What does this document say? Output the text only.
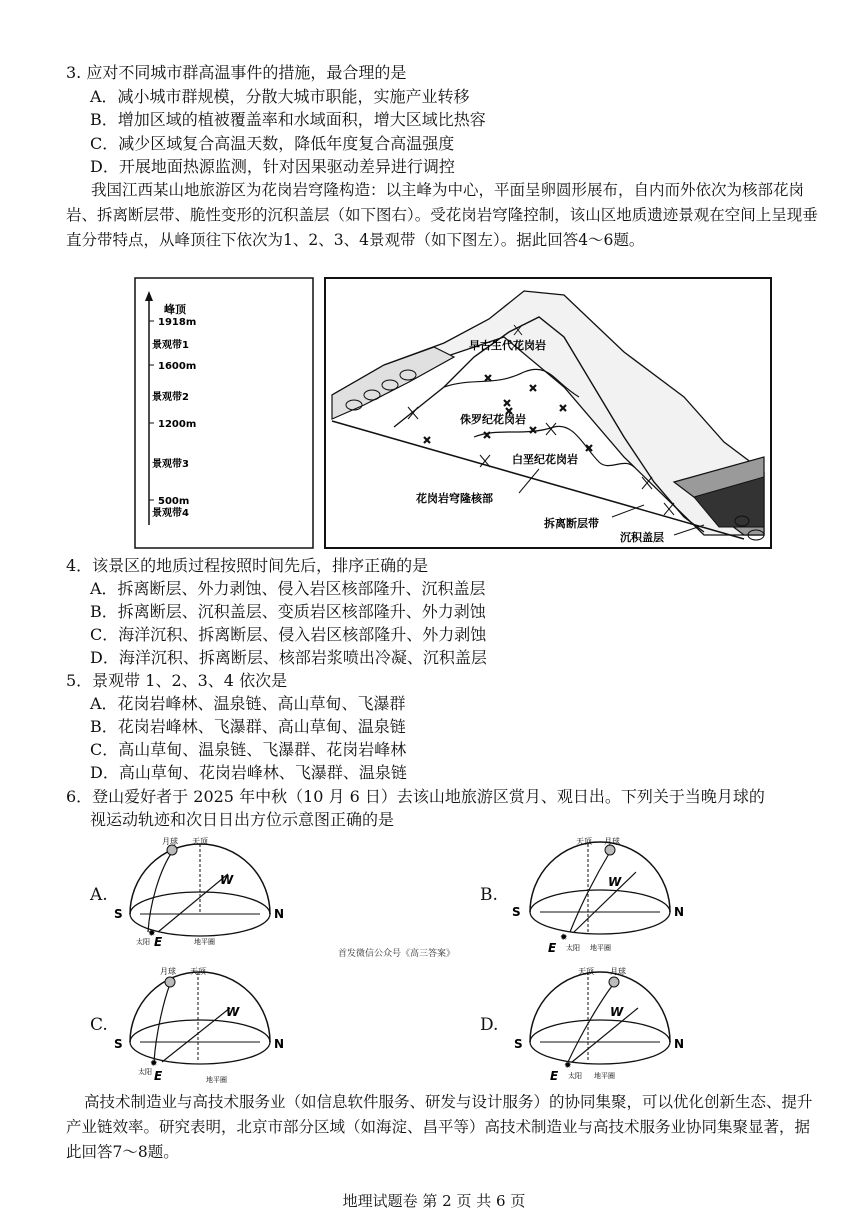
3. 应对不同城市群高温事件的措施，最合理的是
A．减小城市群规模，分散大城市职能，实施产业转移
B．增加区域的植被覆盖率和水域面积，增大区域比热容
C．减少区域复合高温天数，降低年度复合高温强度
D．开展地面热源监测，针对因果驱动差异进行调控
我国江西某山地旅游区为花岗岩穹隆构造：以主峰为中心，平面呈卵圆形展布，自内而外依次为核部花岗岩、拆离断层带、脆性变形的沉积盖层（如下图右）。受花岗岩穹隆控制，该山区地质遗迹景观在空间上呈现垂直分带特点，从峰顶往下依次为1、2、3、4景观带（如下图左）。据此回答4～6题。
峰顶
1918m
景观带1
1600m
景观带2
1200m
景观带3
500m
景观带4
早古生代花岗岩
侏罗纪花岗岩
白垩纪花岗岩
花岗岩穹隆核部
拆离断层带
沉积盖层
4．该景区的地质过程按照时间先后，排序正确的是
A．拆离断层、外力剥蚀、侵入岩区核部隆升、沉积盖层
B．拆离断层、沉积盖层、变质岩区核部隆升、外力剥蚀
C．海洋沉积、拆离断层、侵入岩区核部隆升、外力剥蚀
D．海洋沉积、拆离断层、核部岩浆喷出冷凝、沉积盖层
5．景观带 1、2、3、4 依次是
A．花岗岩峰林、温泉链、高山草甸、飞瀑群
B．花岗岩峰林、飞瀑群、高山草甸、温泉链
C．高山草甸、温泉链、飞瀑群、花岗岩峰林
D．高山草甸、花岗岩峰林、飞瀑群、温泉链
6．登山爱好者于 2025 年中秋（10 月 6 日）去该山地旅游区赏月、观日出。下列关于当晚月球的
视运动轨迹和次日日出方位示意图正确的是
A.
月球 天顶
W
S	N
E
太阳	地平圈
✹
B.
天顶 月球
W
S	N
E 太阳 地平圈
✹
首发微信公众号《高三答案》
C.
月球 天顶
W
S	N
E
太阳
地平圈
✹
D.
天顶 月球
W
S	N
E 太阳 地平圈
✹
高技术制造业与高技术服务业（如信息软件服务、研发与设计服务）的协同集聚，可以优化创新生态、提升产业链效率。研究表明，北京市部分区域（如海淀、昌平等）高技术制造业与高技术服务业协同集聚显著，据此回答7～8题。
地理试题卷 第 2 页 共 6 页
